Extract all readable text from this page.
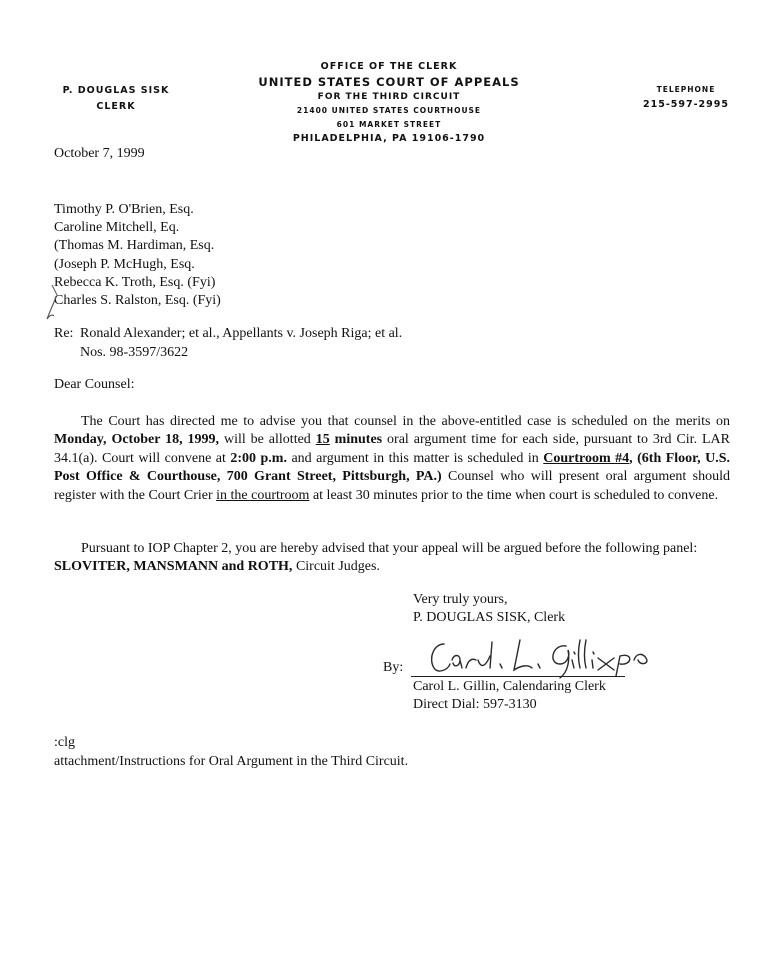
P. DOUGLAS SISK
CLERK
OFFICE OF THE CLERK
UNITED STATES COURT OF APPEALS
FOR THE THIRD CIRCUIT
21400 UNITED STATES COURTHOUSE
601 MARKET STREET
PHILADELPHIA, PA 19106-1790
TELEPHONE
215-597-2995
October 7, 1999
Timothy P. O'Brien, Esq.
Caroline Mitchell, Eq.
(Thomas M. Hardiman, Esq.
(Joseph P. McHugh, Esq.
Rebecca K. Troth, Esq. (Fyi)
Charles S. Ralston, Esq. (Fyi)
Re: Ronald Alexander; et al., Appellants v. Joseph Riga; et al.
Nos. 98-3597/3622
Dear Counsel:
The Court has directed me to advise you that counsel in the above-entitled case is scheduled on the merits on Monday, October 18, 1999, will be allotted 15 minutes oral argument time for each side, pursuant to 3rd Cir. LAR 34.1(a). Court will convene at 2:00 p.m. and argument in this matter is scheduled in Courtroom #4, (6th Floor, U.S. Post Office & Courthouse, 700 Grant Street, Pittsburgh, PA.) Counsel who will present oral argument should register with the Court Crier in the courtroom at least 30 minutes prior to the time when court is scheduled to convene.
Pursuant to IOP Chapter 2, you are hereby advised that your appeal will be argued before the following panel: SLOVITER, MANSMANN and ROTH, Circuit Judges.
Very truly yours,
P. DOUGLAS SISK, Clerk
By:
Carol L. Gillin, Calendaring Clerk
Direct Dial: 597-3130
:clg
attachment/Instructions for Oral Argument in the Third Circuit.
